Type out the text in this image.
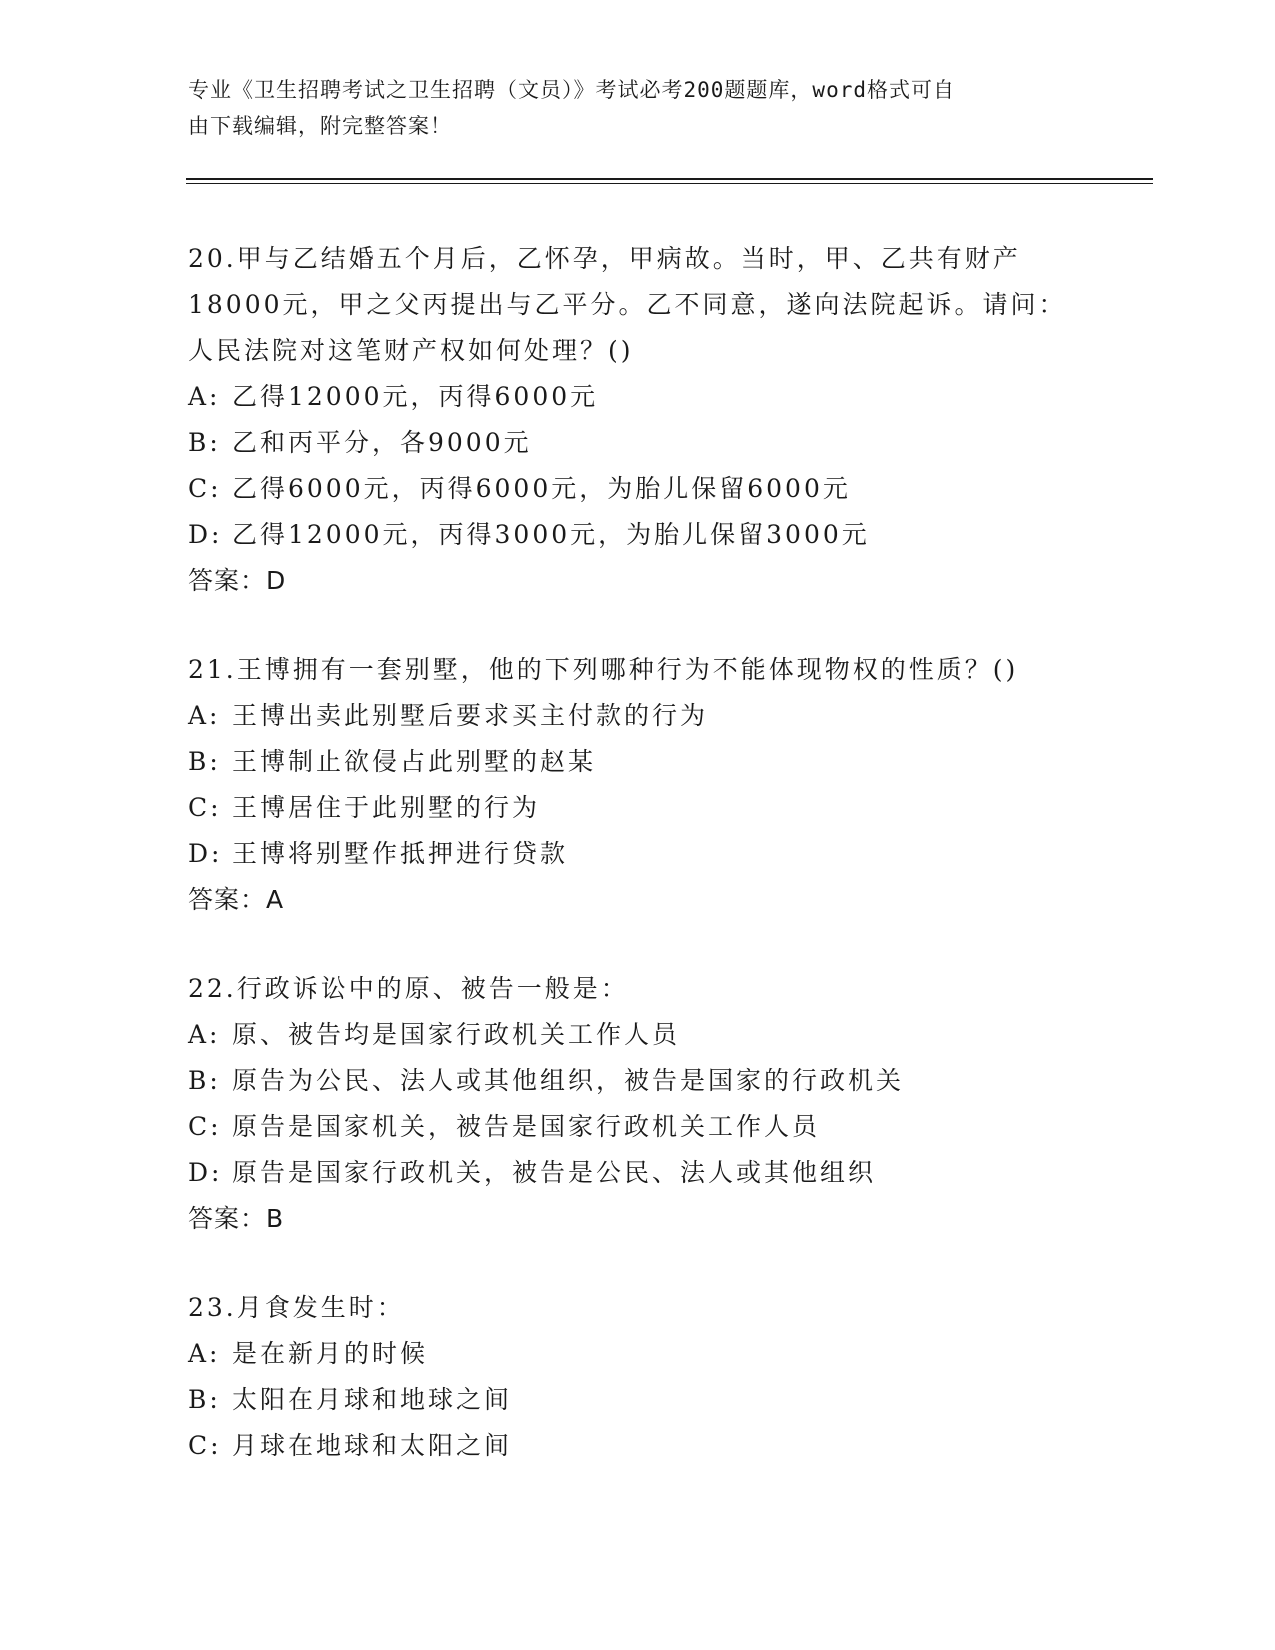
专业《卫生招聘考试之卫生招聘（文员）》考试必考200题题库，word格式可自
由下载编辑，附完整答案！
20.甲与乙结婚五个月后，乙怀孕，甲病故。当时，甲、乙共有财产
18000元，甲之父丙提出与乙平分。乙不同意，遂向法院起诉。请问：
人民法院对这笔财产权如何处理？()
A: 乙得12000元，丙得6000元
B: 乙和丙平分，各9000元
C: 乙得6000元，丙得6000元，为胎儿保留6000元
D: 乙得12000元，丙得3000元，为胎儿保留3000元
答案：D
21.王博拥有一套别墅，他的下列哪种行为不能体现物权的性质？()
A: 王博出卖此别墅后要求买主付款的行为
B: 王博制止欲侵占此别墅的赵某
C: 王博居住于此别墅的行为
D: 王博将别墅作抵押进行贷款
答案：A
22.行政诉讼中的原、被告一般是：
A: 原、被告均是国家行政机关工作人员
B: 原告为公民、法人或其他组织，被告是国家的行政机关
C: 原告是国家机关，被告是国家行政机关工作人员
D: 原告是国家行政机关，被告是公民、法人或其他组织
答案：B
23.月食发生时：
A: 是在新月的时候
B: 太阳在月球和地球之间
C: 月球在地球和太阳之间
